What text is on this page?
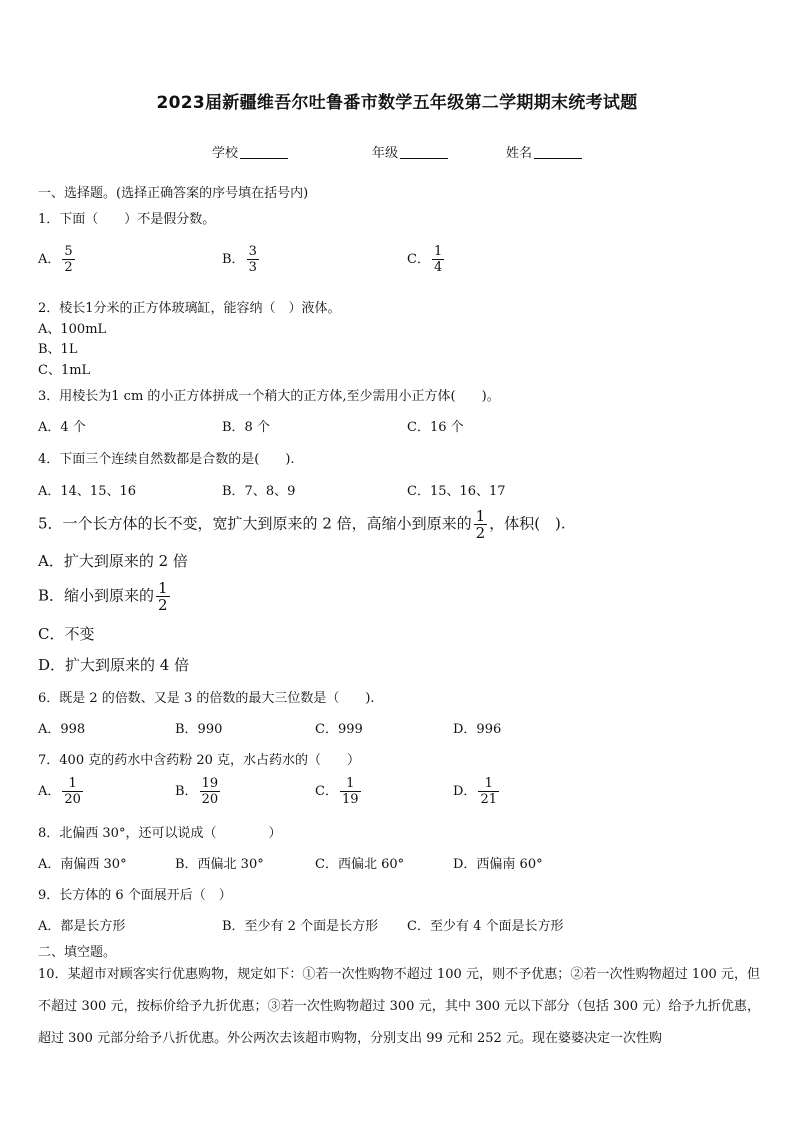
2023届新疆维吾尔吐鲁番市数学五年级第二学期期末统考试题
学校	年级	姓名
一、选择题。(选择正确答案的序号填在括号内)
1．下面（　　）不是假分数。
A． $\frac{5}{2}$	B． $\frac{3}{3}$	C． $\frac{1}{4}$
2．棱长1分米的正方体玻璃缸，能容纳（　）液体。
A、100mL
B、1L
C、1mL
3．用棱长为1 cm 的小正方体拼成一个稍大的正方体,至少需用小正方体(　　)。
A．4 个	B．8 个	C．16 个
4．下面三个连续自然数都是合数的是(　　).
A．14、15、16	B．7、8、9	C．15、16、17
5．一个长方体的长不变，宽扩大到原来的 2 倍，高缩小到原来的 $\frac{1}{2}$ ，体积(　).
A．扩大到原来的 2 倍
B．缩小到原来的 $\frac{1}{2}$
C．不变
D．扩大到原来的 4 倍
6．既是 2 的倍数、又是 3 的倍数的最大三位数是（　　).
A．998	B．990	C．999	D．996
7．400 克的药水中含药粉 20 克，水占药水的（　　）
A． $\frac{1}{20}$	B． $\frac{19}{20}$	C． $\frac{1}{19}$	D． $\frac{1}{21}$
8．北偏西 30°，还可以说成（　　　　）
A．南偏西 30°	B．西偏北 30°	C．西偏北 60°	D．西偏南 60°
9．长方体的 6 个面展开后（　）
A．都是长方形	B．至少有 2 个面是长方形 C．至少有 4 个面是长方形
二、填空题。
10．某超市对顾客实行优惠购物，规定如下：①若一次性购物不超过 100 元，则不予优惠；②若一次性购物超过 100 元，但不超过 300 元，按标价给予九折优惠；③若一次性购物超过 300 元，其中 300 元以下部分（包括 300 元）给予九折优惠，超过 300 元部分给予八折优惠。外公两次去该超市购物，分别支出 99 元和 252 元。现在婆婆决定一次性购
